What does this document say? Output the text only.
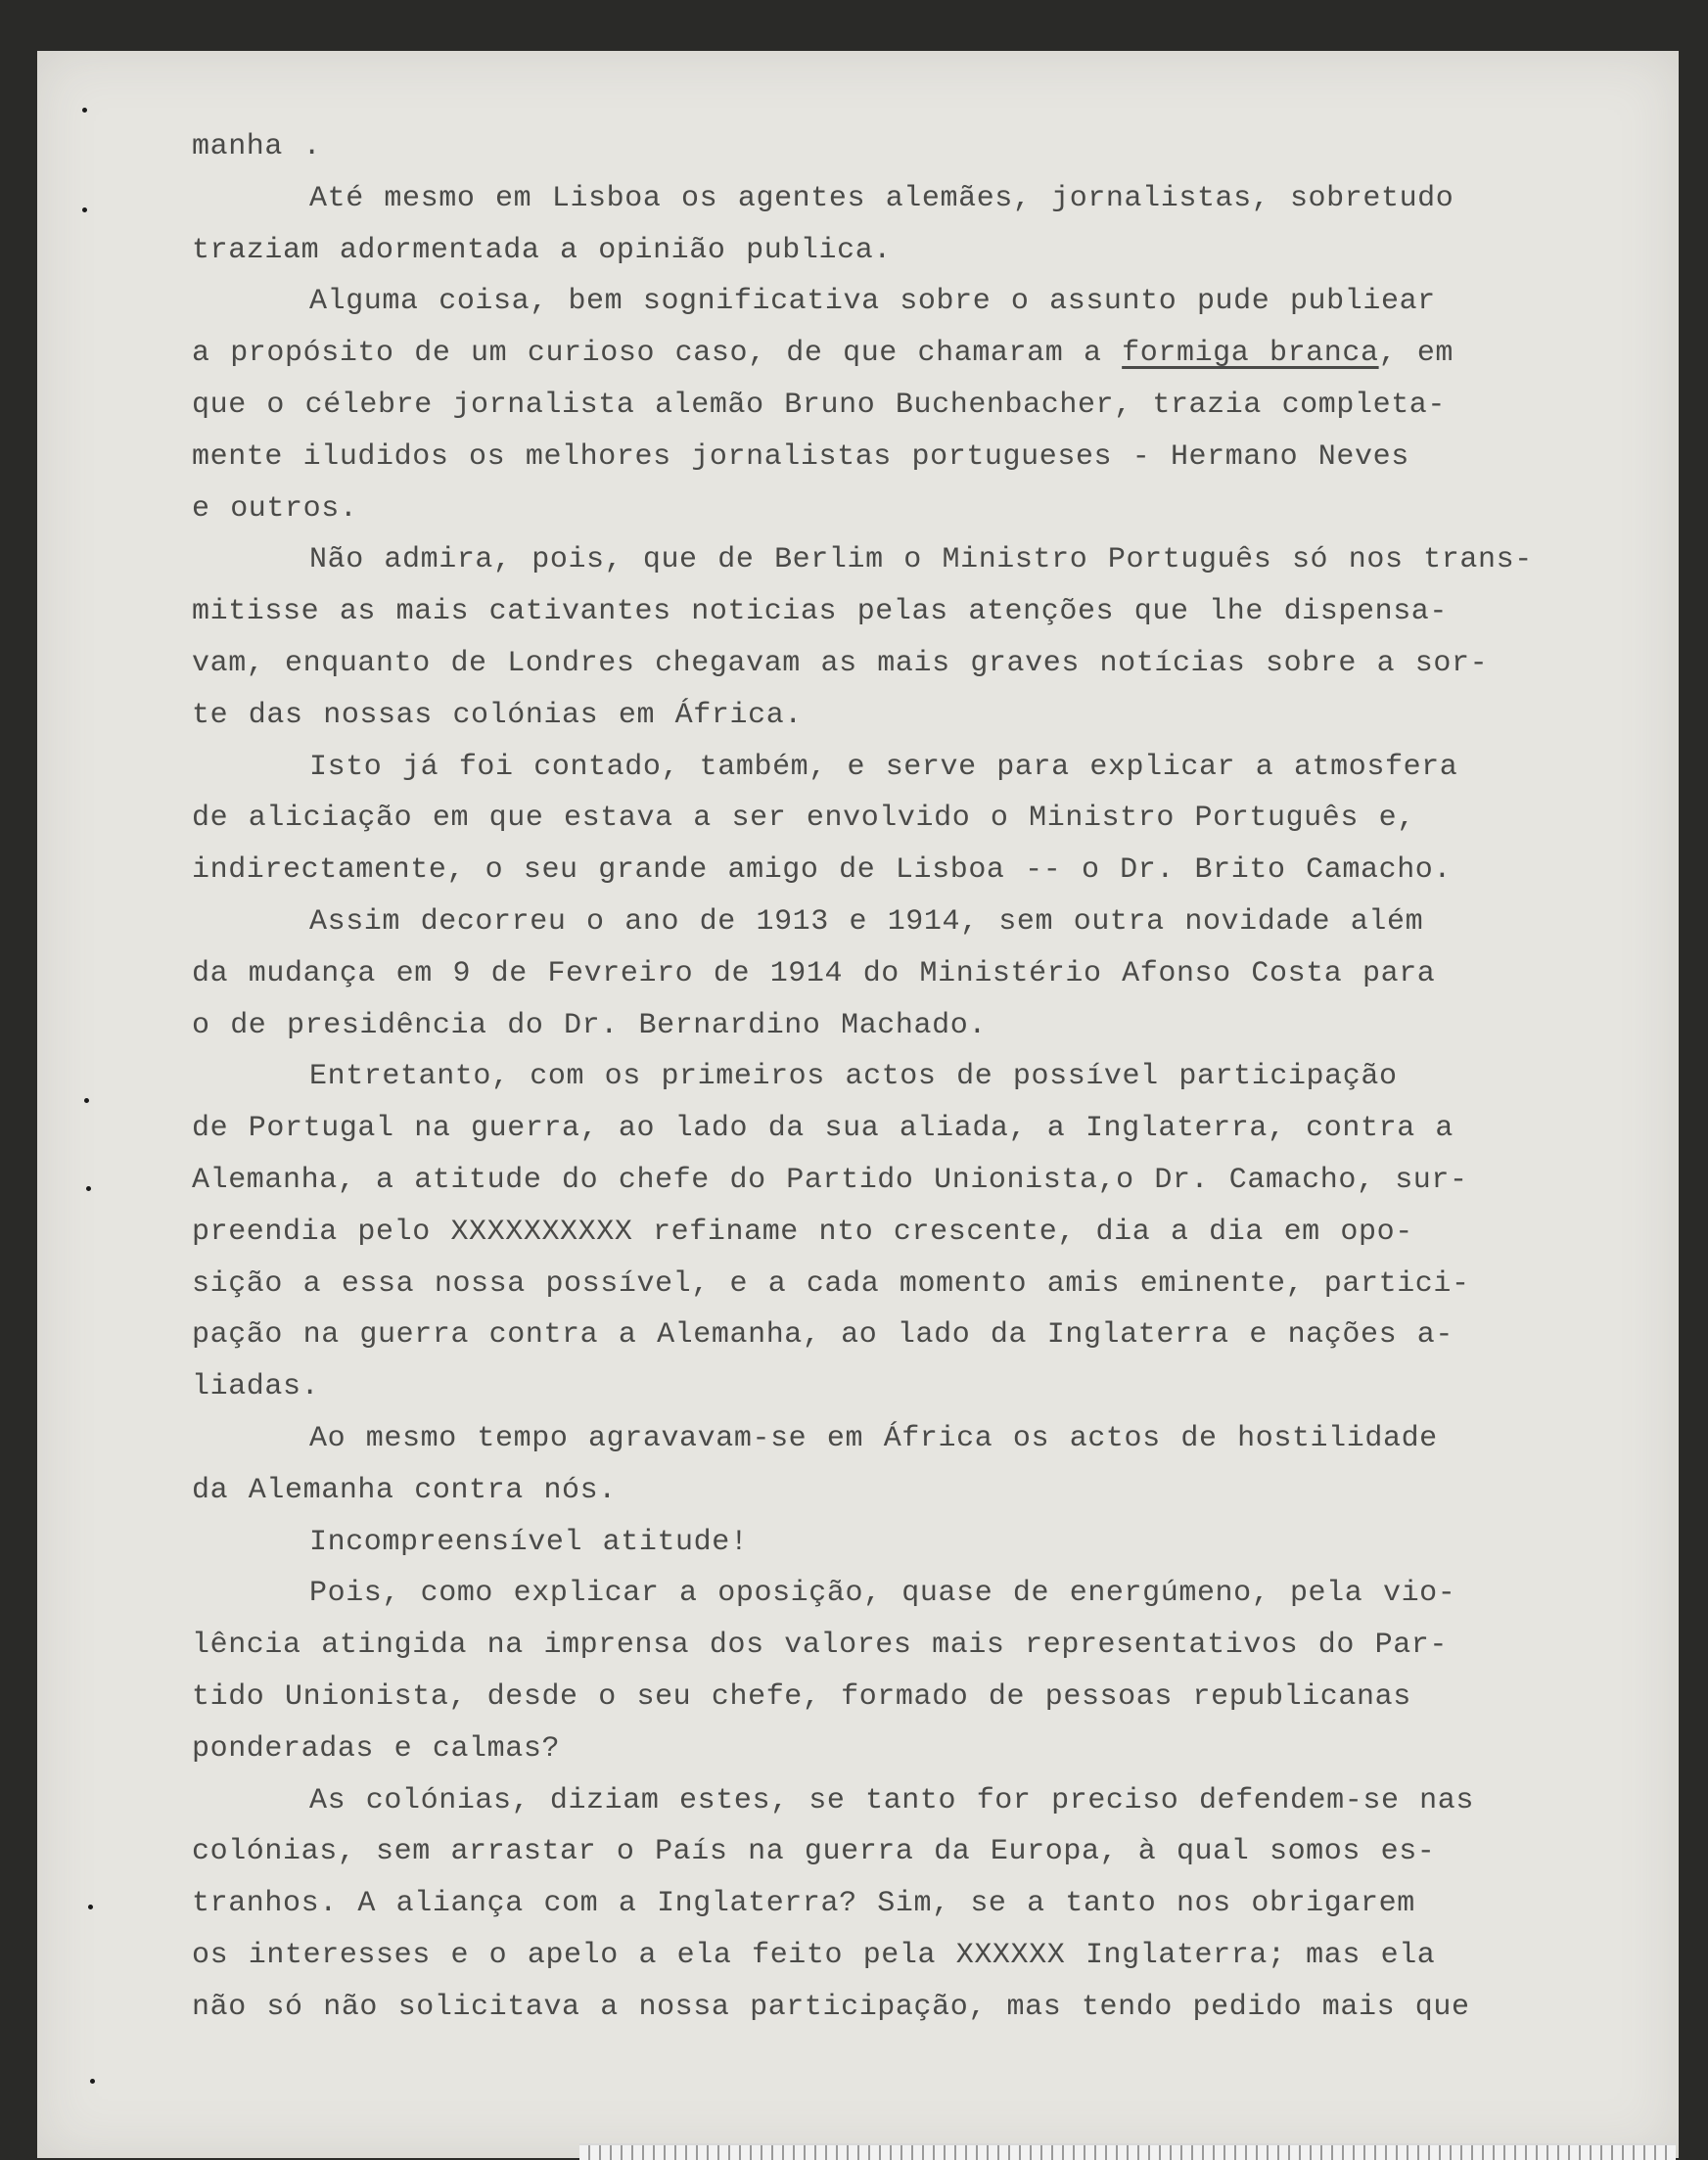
manha .
Até mesmo em Lisboa os agentes alemães, jornalistas, sobretudo
traziam adormentada a opinião publica.
Alguma coisa, bem sognificativa sobre o assunto pude publiear
a propósito de um curioso caso, de que chamaram a formiga branca, em
que o célebre jornalista alemão Bruno Buchenbacher, trazia completa-
mente iludidos os melhores jornalistas portugueses - Hermano Neves
e outros.
Não admira, pois, que de Berlim o Ministro Português só nos trans-
mitisse as mais cativantes noticias pelas atenções que lhe dispensa-
vam, enquanto de Londres chegavam as mais graves notícias sobre a sor-
te das nossas colónias em África.
Isto já foi contado, também, e serve para explicar a atmosfera
de aliciação em que estava a ser envolvido o Ministro Português e,
indirectamente, o seu grande amigo de Lisboa -- o Dr. Brito Camacho.
Assim decorreu o ano de 1913 e 1914, sem outra novidade além
da mudança em 9 de Fevreiro de 1914 do Ministério Afonso Costa para
o de presidência do Dr. Bernardino Machado.
Entretanto, com os primeiros actos de possível participação
de Portugal na guerra, ao lado da sua aliada, a Inglaterra, contra a
Alemanha, a atitude do chefe do Partido Unionista,o Dr. Camacho, sur-
preendia pelo XXXXXXXXXX refiname nto crescente, dia a dia em opo-
sição a essa nossa possível, e a cada momento amis eminente, partici-
pação na guerra contra a Alemanha, ao lado da Inglaterra e nações a-
liadas.
Ao mesmo tempo agravavam-se em África os actos de hostilidade
da Alemanha contra nós.
Incompreensível atitude!
Pois, como explicar a oposição, quase de energúmeno, pela vio-
lência atingida na imprensa dos valores mais representativos do Par-
tido Unionista, desde o seu chefe, formado de pessoas republicanas
ponderadas e calmas?
As colónias, diziam estes, se tanto for preciso defendem-se nas
colónias, sem arrastar o País na guerra da Europa, à qual somos es-
tranhos. A aliança com a Inglaterra? Sim, se a tanto nos obrigarem
os interesses e o apelo a ela feito pela XXXXXX Inglaterra; mas ela
não só não solicitava a nossa participação, mas tendo pedido mais que
